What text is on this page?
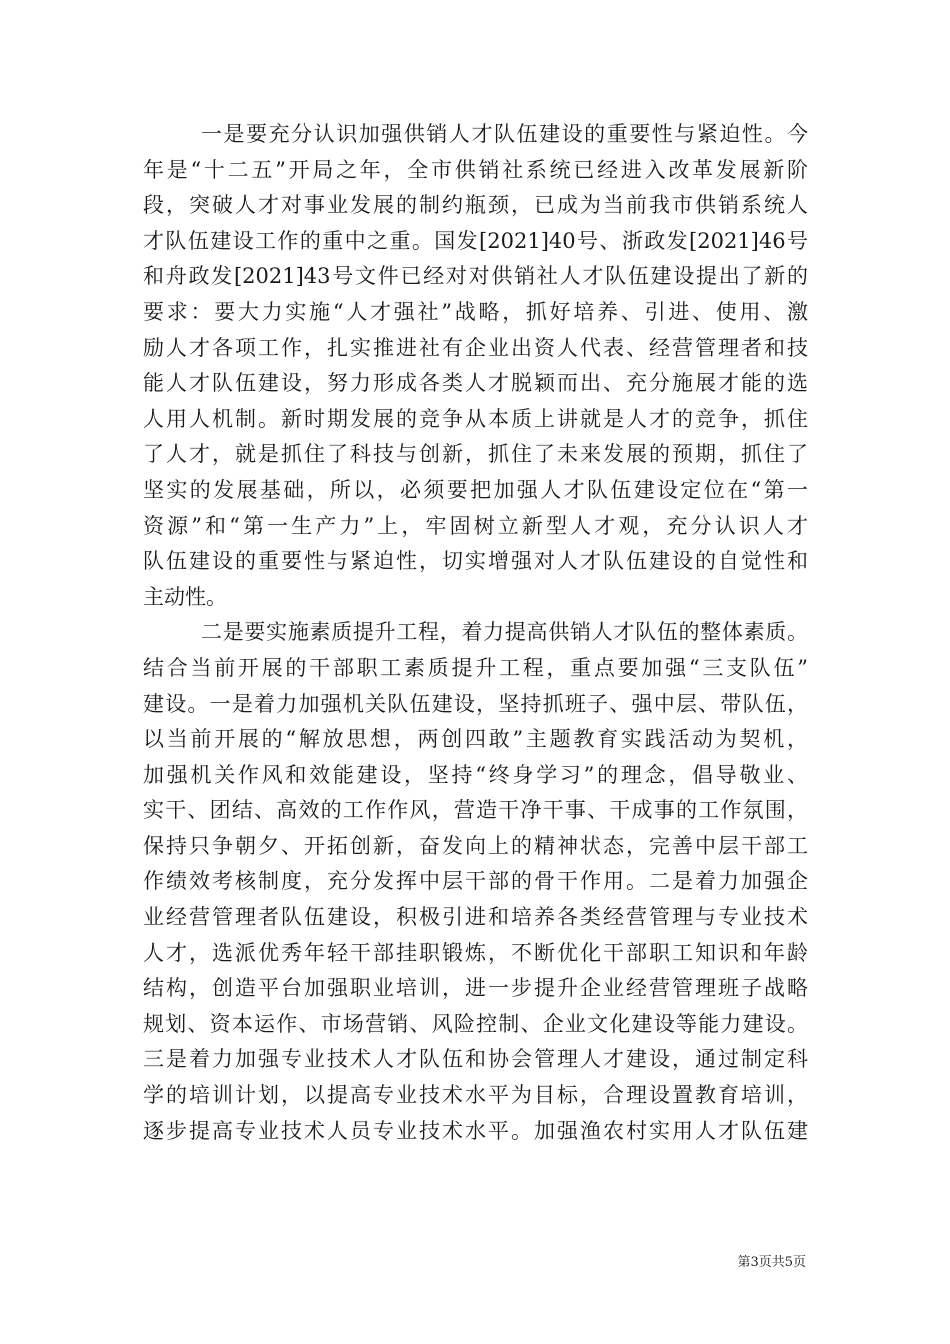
一是要充分认识加强供销人才队伍建设的重要性与紧迫性。今
年是“十二五”开局之年，全市供销社系统已经进入改革发展新阶
段，突破人才对事业发展的制约瓶颈，已成为当前我市供销系统人
才队伍建设工作的重中之重。国发[2021]40号、浙政发[2021]46号
和舟政发[2021]43号文件已经对对供销社人才队伍建设提出了新的
要求：要大力实施“人才强社”战略，抓好培养、引进、使用、激
励人才各项工作，扎实推进社有企业出资人代表、经营管理者和技
能人才队伍建设，努力形成各类人才脱颖而出、充分施展才能的选
人用人机制。新时期发展的竞争从本质上讲就是人才的竞争，抓住
了人才，就是抓住了科技与创新，抓住了未来发展的预期，抓住了
坚实的发展基础，所以，必须要把加强人才队伍建设定位在“第一
资源”和“第一生产力”上，牢固树立新型人才观，充分认识人才
队伍建设的重要性与紧迫性，切实增强对人才队伍建设的自觉性和
主动性。
二是要实施素质提升工程，着力提高供销人才队伍的整体素质。
结合当前开展的干部职工素质提升工程，重点要加强“三支队伍”
建设。一是着力加强机关队伍建设，坚持抓班子、强中层、带队伍，
以当前开展的“解放思想，两创四敢”主题教育实践活动为契机，
加强机关作风和效能建设，坚持“终身学习”的理念，倡导敬业、
实干、团结、高效的工作作风，营造干净干事、干成事的工作氛围，
保持只争朝夕、开拓创新，奋发向上的精神状态，完善中层干部工
作绩效考核制度，充分发挥中层干部的骨干作用。二是着力加强企
业经营管理者队伍建设，积极引进和培养各类经营管理与专业技术
人才，选派优秀年轻干部挂职锻炼，不断优化干部职工知识和年龄
结构，创造平台加强职业培训，进一步提升企业经营管理班子战略
规划、资本运作、市场营销、风险控制、企业文化建设等能力建设。
三是着力加强专业技术人才队伍和协会管理人才建设，通过制定科
学的培训计划，以提高专业技术水平为目标，合理设置教育培训，
逐步提高专业技术人员专业技术水平。加强渔农村实用人才队伍建
第3页共5页
